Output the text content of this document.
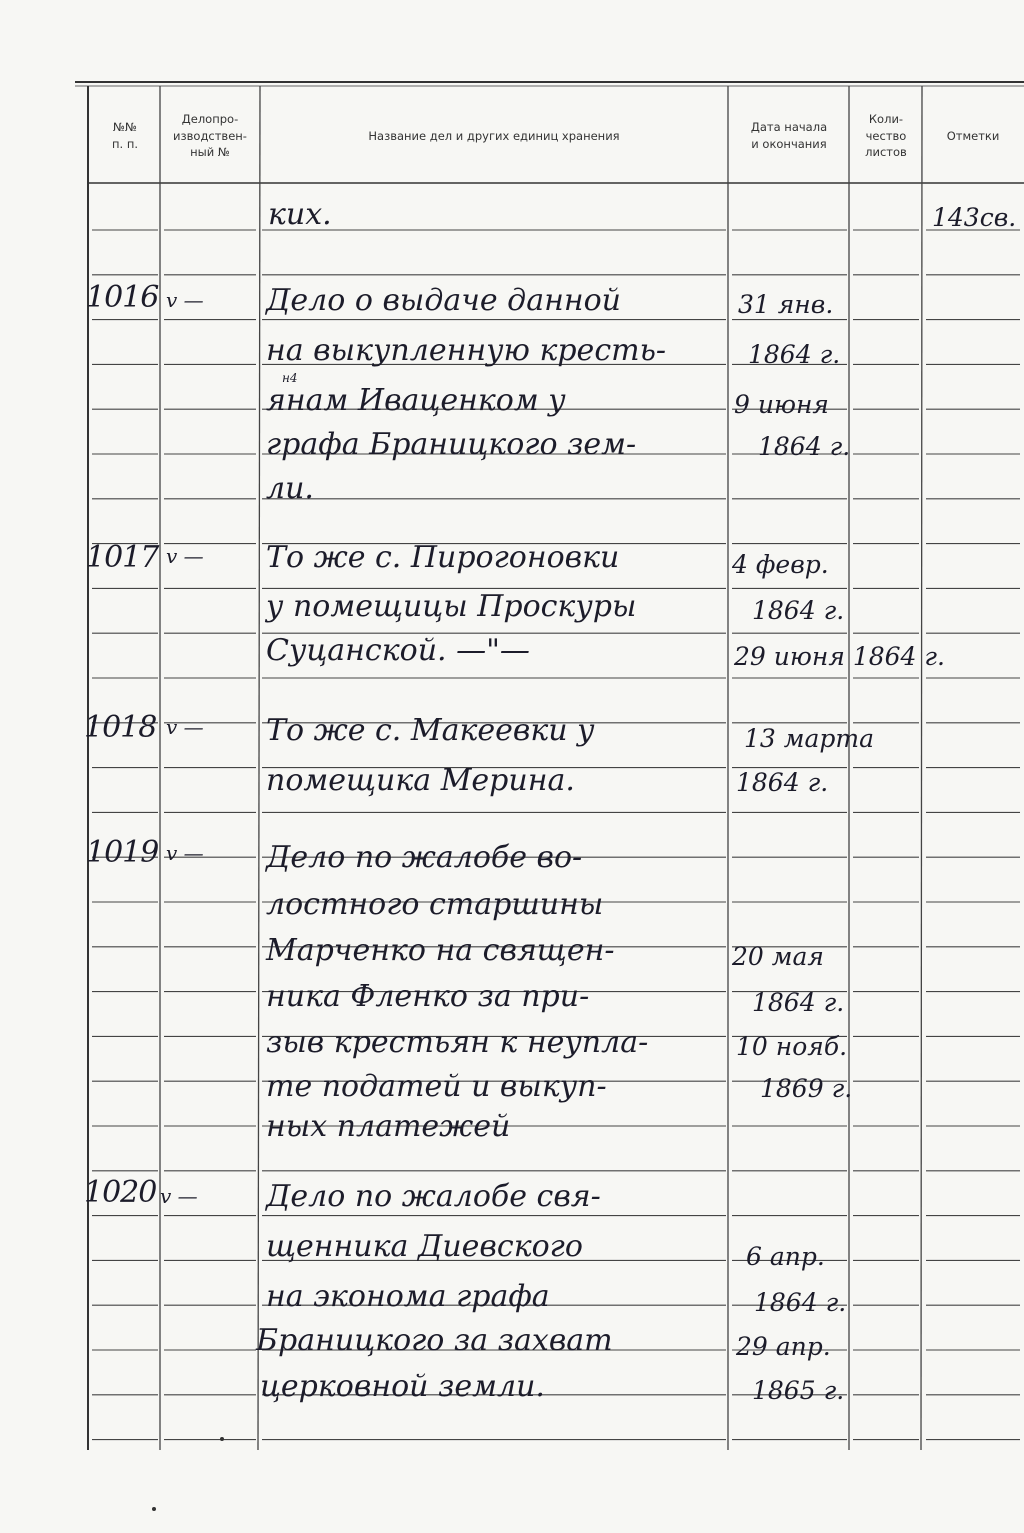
№№
п. п.
Делопро-
изводствен-
ный №
Название дел и других единиц хранения
Дата начала
и окончания
Коли-
чество
листов
Отметки
ких.	143св.
1016 v — Дело о выдаче данной
на выкупленную кресть-
н4
янам Иваценком у
графа Браницкого зем-
ли.
31 янв.
1864 г.
9 июня
1864 г.
1017 v — То же с. Пирогоновки
у помещицы Проскуры
Суцанской. —"—
4 февр.
1864 г.
29 июня 1864 г.
1018 v — То же с. Макеевки у
помещика Мерина.
13 марта
1864 г.
1019 v — Дело по жалобе во-
лостного старшины
Марченко на священ-
ника Фленко за при-
зыв крестьян к неупла-
те податей и выкуп-
ных платежей
20 мая
1864 г.
10 нояб.
1869 г.
1020 v — Дело по жалобе свя-
щенника Диевского
на эконома графа
Браницкого за захват
церковной земли.
6 апр.
1864 г.
29 апр.
1865 г.
